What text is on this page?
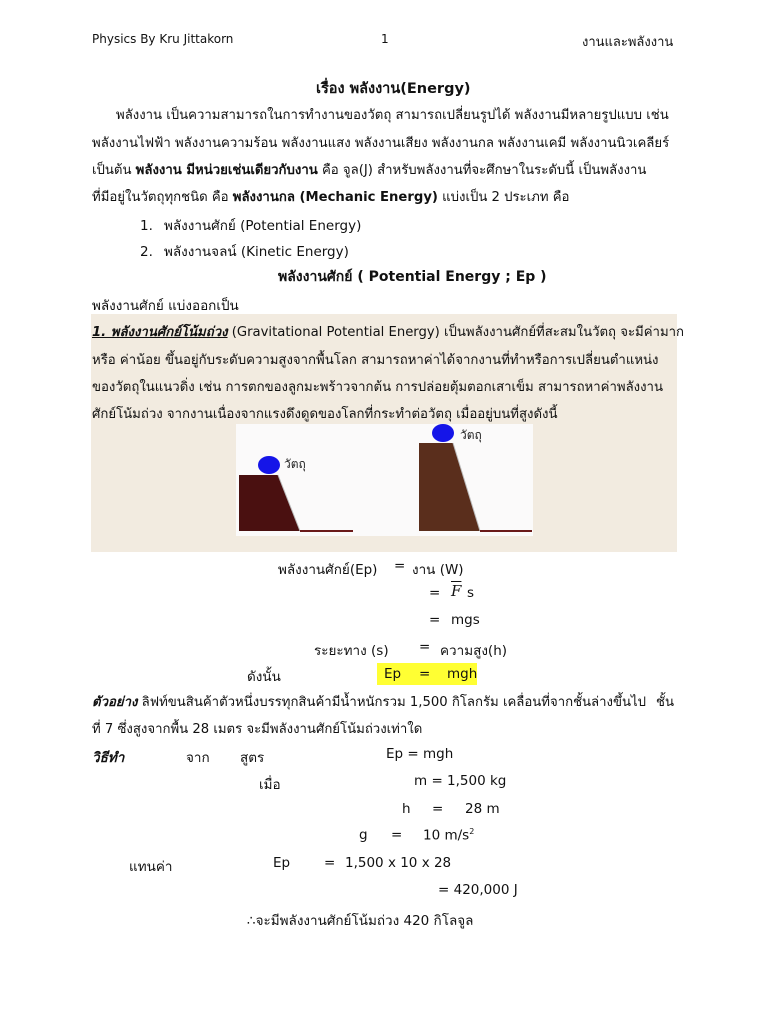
Physics By Kru Jittakorn	1	งานและพลังงาน
เรื่อง พลังงาน(Energy)
พลังงาน เป็นความสามารถในการทำงานของวัตถุ สามารถเปลี่ยนรูปได้ พลังงานมีหลายรูปแบบ เช่น
พลังงานไฟฟ้า พลังงานความร้อน พลังงานแสง พลังงานเสียง พลังงานกล พลังงานเคมี พลังงานนิวเคลียร์
เป็นต้น พลังงาน มีหน่วยเช่นเดียวกับงาน คือ จูล(J) สำหรับพลังงานที่จะศึกษาในระดับนี้ เป็นพลังงาน
ที่มีอยู่ในวัตถุทุกชนิด คือ พลังงานกล (Mechanic Energy) แบ่งเป็น 2 ประเภท คือ
1. พลังงานศักย์ (Potential Energy)
2. พลังงานจลน์ (Kinetic Energy)
พลังงานศักย์ ( Potential Energy ; Ep )
พลังงานศักย์ แบ่งออกเป็น
1. พลังงานศักย์โน้มถ่วง (Gravitational Potential Energy) เป็นพลังงานศักย์ที่สะสมในวัตถุ จะมีค่ามาก
หรือ ค่าน้อย ขึ้นอยู่กับระดับความสูงจากพื้นโลก สามารถหาค่าได้จากงานที่ทำหรือการเปลี่ยนตำแหน่ง
ของวัตถุในแนวดิ่ง เช่น การตกของลูกมะพร้าวจากต้น การปล่อยตุ้มตอกเสาเข็ม สามารถหาค่าพลังงาน
ศักย์โน้มถ่วง จากงานเนื่องจากแรงดึงดูดของโลกที่กระทำต่อวัตถุ เมื่ออยู่บนที่สูงดังนี้
วัตถุ
วัตถุ
พลังงานศักย์(Ep) = งาน (W)
= $\overline{F}$ s
= mgs
ระยะทาง (s) = ความสูง(h)
ดังนั้น	Ep = mgh
ตัวอย่าง ลิฟท์ขนสินค้าตัวหนึ่งบรรทุกสินค้ามีน้ำหนักรวม 1,500 กิโลกรัม เคลื่อนที่จากชั้นล่างขึ้นไป ชั้น
ที่ 7 ซึ่งสูงจากพื้น 28 เมตร จะมีพลังงานศักย์โน้มถ่วงเท่าใด
วิธีทำ	จาก สูตร	Ep = mgh
เมื่อ	m = 1,500 kg
h = 28 m
g = 10 $m/s^2$
แทนค่า	Ep	= 1,500 x 10 x 28
= 420,000 J
∴จะมีพลังงานศักย์โน้มถ่วง 420 กิโลจูล
